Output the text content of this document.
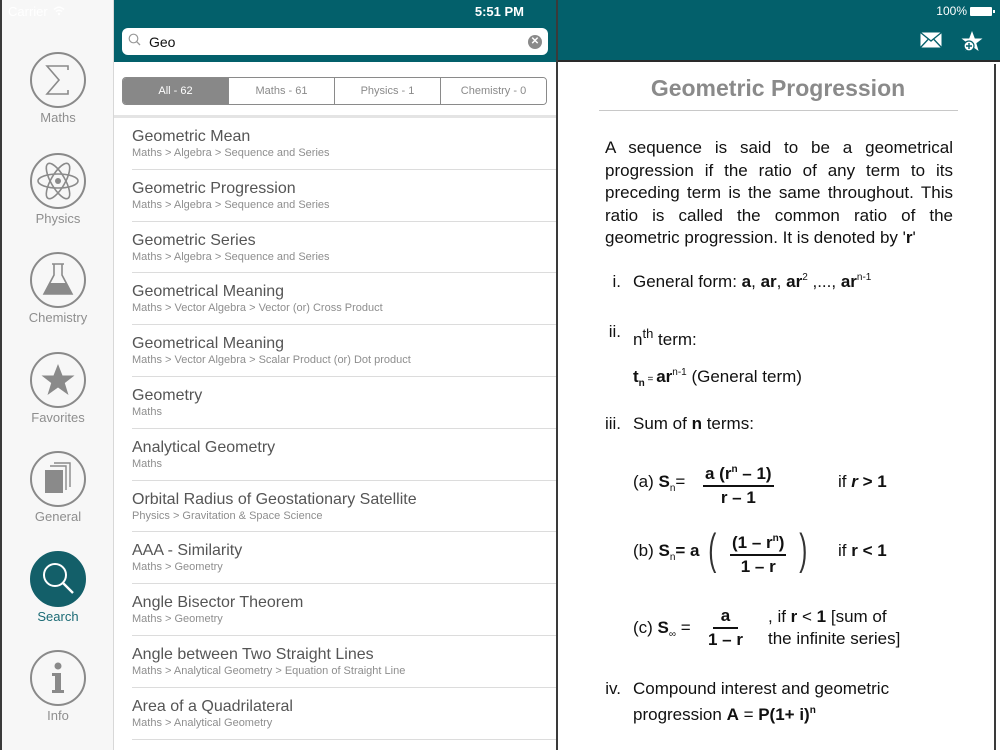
Carrier
Maths
Physics
Chemistry
Favorites
General
Search
Info
5:51 PM
Geo
✕
All - 62	Maths - 61	Physics - 1	Chemistry - 0
Geometric Mean
Maths > Algebra > Sequence and Series
Geometric Progression
Maths > Algebra > Sequence and Series
Geometric Series
Maths > Algebra > Sequence and Series
Geometrical Meaning
Maths > Vector Algebra > Vector (or) Cross Product
Geometrical Meaning
Maths > Vector Algebra > Scalar Product (or) Dot product
Geometry
Maths
Analytical Geometry
Maths
Orbital Radius of Geostationary Satellite
Physics > Gravitation & Space Science
AAA - Similarity
Maths > Geometry
Angle Bisector Theorem
Maths > Geometry
Angle between Two Straight Lines
Maths > Analytical Geometry > Equation of Straight Line
Area of a Quadrilateral
Maths > Analytical Geometry
100%
Geometric Progression
A sequence is said to be a geometrical progression if the ratio of any term to its preceding term is the same throughout. This ratio is called the common ratio of the geometric progression. It is denoted by 'r'
i. General form: a, ar, $ar^2$ ,..., $ar^{n-1}$
ii. $n^{th}$ term:
$t_n = ar^{n-1}$ (General term)
iii. Sum of n terms:
(a) $S_n= \frac{a (r^n - 1)}{r - 1}$	if r > 1
(b) $S_n= a$ ( $\frac{(1 - r^n)}{1 - r}$ ) if r < 1
(c) $S_\infty = \frac{a}{1 - r}$ , if r < 1 [sum of
the infinite series]
iv. Compound interest and geometric
progression $A = P(1+ i)^n$
